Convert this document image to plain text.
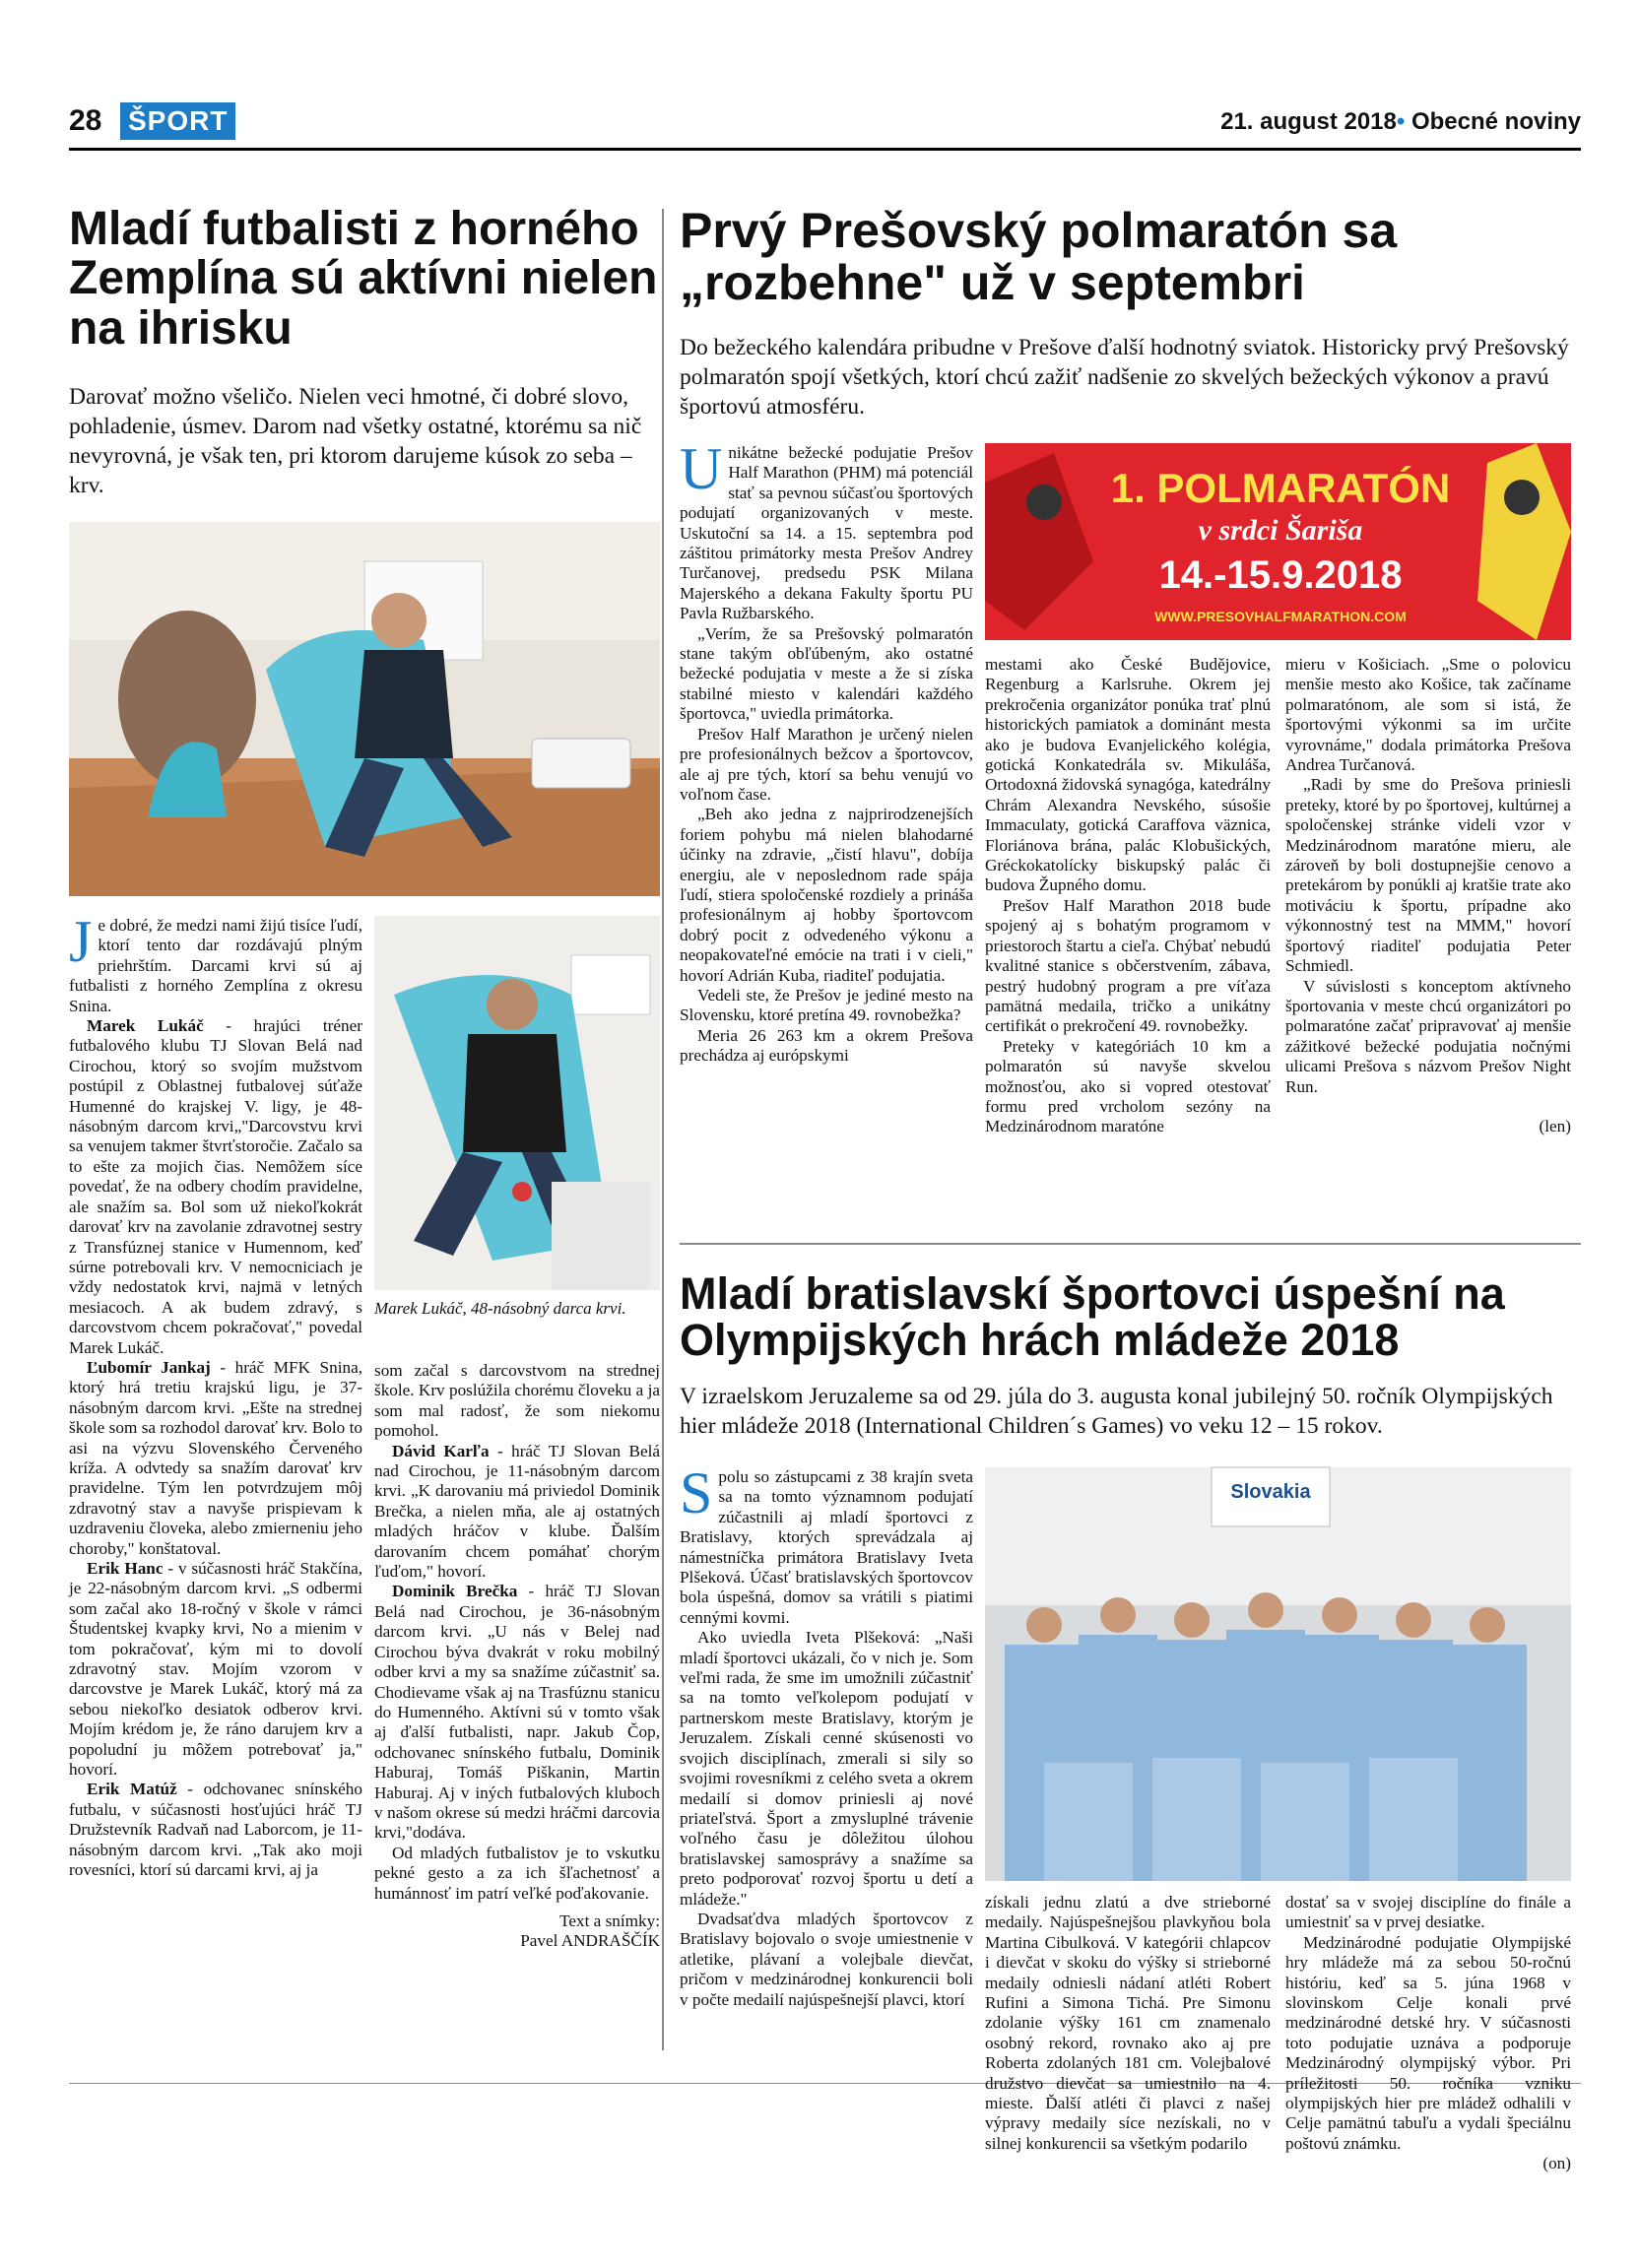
28 ŠPORT	21. august 2018• Obecné noviny
Mladí futbalisti z horného Zemplína sú aktívni nielen na ihrisku

Darovať možno všeličo. Nielen veci hmotné, či dobré slovo, pohladenie, úsmev. Darom nad všetky ostatné, ktorému sa nič nevyrovná, je však ten, pri ktorom darujeme kúsok zo seba – krv.

Marek Lukáč, 48-násobný darca krvi.

Je dobré, že medzi nami žijú tisíce ľudí, ktorí tento dar rozdávajú plným priehrštím. Darcami krvi sú aj futbalisti z horného Zemplína z okresu Snina.

Marek Lukáč - hrajúci tréner futbalového klubu TJ Slovan Belá nad Cirochou, ktorý so svojím mužstvom postúpil z Oblastnej futbalovej súťaže Humenné do krajskej V. ligy, je 48-násobným darcom krvi„"Darcovstvu krvi sa venujem takmer štvrťstoročie. Začalo sa to ešte za mojich čias. Nemôžem síce povedať, že na odbery chodím pravidelne, ale snažím sa. Bol som už niekoľkokrát darovať krv na zavolanie zdravotnej sestry z Transfúznej stanice v Humennom, keď súrne potrebovali krv. V nemocniciach je vždy nedostatok krvi, najmä v letných mesiacoch. A ak budem zdravý, s darcovstvom chcem pokračovať," povedal Marek Lukáč.

Ľubomír Jankaj - hráč MFK Snina, ktorý hrá tretiu krajskú ligu, je 37-násobným darcom krvi. „Ešte na strednej škole som sa rozhodol darovať krv. Bolo to asi na výzvu Slovenského Červeného kríža. A odvtedy sa snažím darovať krv pravidelne. Tým len potvrdzujem môj zdravotný stav a navyše prispievam k uzdraveniu človeka, alebo zmierneniu jeho choroby," konštatoval.

Erik Hanc - v súčasnosti hráč Stakčína, je 22-násobným darcom krvi. „S odbermi som začal ako 18-ročný v škole v rámci Študentskej kvapky krvi, No a mienim v tom pokračovať, kým mi to dovolí zdravotný stav. Mojím vzorom v darcovstve je Marek Lukáč, ktorý má za sebou niekoľko desiatok odberov krvi. Mojím krédom je, že ráno darujem krv a popoludní ju môžem potrebovať ja," hovorí.

Erik Matúž - odchovanec snínského futbalu, v súčasnosti hosťujúci hráč TJ Družstevník Radvaň nad Laborcom, je 11-násobným darcom krvi. „Tak ako moji rovesníci, ktorí sú darcami krvi, aj ja

som začal s darcovstvom na strednej škole. Krv poslúžila chorému človeku a ja som mal radosť, že som niekomu pomohol.

Dávid Karľa - hráč TJ Slovan Belá nad Cirochou, je 11-násobným darcom krvi. „K darovaniu má priviedol Dominik Brečka, a nielen mňa, ale aj ostatných mladých hráčov v klube. Ďalším darovaním chcem pomáhať chorým ľuďom," hovorí.

Dominik Brečka - hráč TJ Slovan Belá nad Cirochou, je 36-násobným darcom krvi. „U nás v Belej nad Cirochou býva dvakrát v roku mobilný odber krvi a my sa snažíme zúčastniť sa. Chodievame však aj na Trasfúznu stanicu do Humenného. Aktívni sú v tomto však aj ďalší futbalisti, napr. Jakub Čop, odchovanec snínského futbalu, Dominik Haburaj, Tomáš Piškanin, Martin Haburaj. Aj v iných futbalových kluboch v našom okrese sú medzi hráčmi darcovia krvi,"dodáva.

Od mladých futbalistov je to vskutku pekné gesto a za ich šľachetnosť a humánnosť im patrí veľké poďakovanie.

Text a snímky:

Pavel ANDRAŠČÍK

Prvý Prešovský polmaratón sa „rozbehne" už v septembri

Do bežeckého kalendára pribudne v Prešove ďalší hodnotný sviatok. Historicky prvý Prešovský polmaratón spojí všetkých, ktorí chcú zažiť nadšenie zo skvelých bežeckých výkonov a pravú športovú atmosféru.

1. POLMARATÓN
v srdci Šariša
14.-15.9.2018
WWW.PRESOVHALFMARATHON.COM

Unikátne bežecké podujatie Prešov Half Marathon (PHM) má potenciál stať sa pevnou súčasťou športových podujatí organizovaných v meste. Uskutoční sa 14. a 15. septembra pod záštitou primátorky mesta Prešov Andrey Turčanovej, predsedu PSK Milana Majerského a dekana Fakulty športu PU Pavla Ružbarského.

„Verím, že sa Prešovský polmaratón stane takým obľúbeným, ako ostatné bežecké podujatia v meste a že si získa stabilné miesto v kalendári každého športovca," uviedla primátorka.

Prešov Half Marathon je určený nielen pre profesionálnych bežcov a športovcov, ale aj pre tých, ktorí sa behu venujú vo voľnom čase.

„Beh ako jedna z najprirodzenejších foriem pohybu má nielen blahodarné účinky na zdravie, „čistí hlavu", dobíja energiu, ale v neposlednom rade spája ľudí, stiera spoločenské rozdiely a prináša profesionálnym aj hobby športovcom dobrý pocit z odvedeného výkonu a neopakovateľné emócie na trati i v cieli," hovorí Adrián Kuba, riaditeľ podujatia.

Vedeli ste, že Prešov je jediné mesto na Slovensku, ktoré pretína 49. rovnobežka?

Meria 26 263 km a okrem Prešova prechádza aj európskymi

mestami ako České Budějovice, Regenburg a Karlsruhe. Okrem jej prekročenia organizátor ponúka trať plnú historických pamiatok a dominánt mesta ako je budova Evanjelického kolégia, gotická Konkatedrála sv. Mikuláša, Ortodoxná židovská synagóga, katedrálny Chrám Alexandra Nevského, súsošie Immaculaty, gotická Caraffova väznica, Floriánova brána, palác Klobušických, Gréckokatolícky biskupský palác či budova Župného domu.

Prešov Half Marathon 2018 bude spojený aj s bohatým programom v priestoroch štartu a cieľa. Chýbať nebudú kvalitné stanice s občerstvením, zábava, pestrý hudobný program a pre víťaza pamätná medaila, tričko a unikátny certifikát o prekročení 49. rovnobežky.

Preteky v kategóriách 10 km a polmaratón sú navyše skvelou možnosťou, ako si vopred otestovať formu pred vrcholom sezóny na Medzinárodnom maratóne

mieru v Košiciach. „Sme o polovicu menšie mesto ako Košice, tak začíname polmaratónom, ale som si istá, že športovými výkonmi sa im určite vyrovnáme," dodala primátorka Prešova Andrea Turčanová.

„Radi by sme do Prešova priniesli preteky, ktoré by po športovej, kultúrnej a spoločenskej stránke videli vzor v Medzinárodnom maratóne mieru, ale zároveň by boli dostupnejšie cenovo a pretekárom by ponúkli aj kratšie trate ako motiváciu k športu, prípadne ako výkonnostný test na MMM," hovorí športový riaditeľ podujatia Peter Schmiedl.

V súvislosti s konceptom aktívneho športovania v meste chcú organizátori po polmaratóne začať pripravovať aj menšie zážitkové bežecké podujatia nočnými ulicami Prešova s názvom Prešov Night Run.

(len)

Mladí bratislavskí športovci úspešní na Olympijských hrách mládeže 2018

V izraelskom Jeruzaleme sa od 29. júla do 3. augusta konal jubilejný 50. ročník Olympijských hier mládeže 2018 (International Children´s Games) vo veku 12 – 15 rokov.

Slovakia

Spolu so zástupcami z 38 krajín sveta sa na tomto významnom podujatí zúčastnili aj mladí športovci z Bratislavy, ktorých sprevádzala aj námestníčka primátora Bratislavy Iveta Plšeková. Účasť bratislavských športovcov bola úspešná, domov sa vrátili s piatimi cennými kovmi.

Ako uviedla Iveta Plšeková: „Naši mladí športovci ukázali, čo v nich je. Som veľmi rada, že sme im umožnili zúčastniť sa na tomto veľkolepom podujatí v partnerskom meste Bratislavy, ktorým je Jeruzalem. Získali cenné skúsenosti vo svojich disciplínach, zmerali si sily so svojimi rovesníkmi z celého sveta a okrem medailí si domov priniesli aj nové priateľstvá. Šport a zmysluplné trávenie voľného času je dôležitou úlohou bratislavskej samosprávy a snažíme sa preto podporovať rozvoj športu u detí a mládeže."

Dvadsaťdva mladých športovcov z Bratislavy bojovalo o svoje umiestnenie v atletike, plávaní a volejbale dievčat, pričom v medzinárodnej konkurencii boli v počte medailí najúspešnejší plavci, ktorí

získali jednu zlatú a dve strieborné medaily. Najúspešnejšou plavkyňou bola Martina Cibulková. V kategórii chlapcov i dievčat v skoku do výšky si strieborné medaily odniesli nádaní atléti Robert Rufini a Simona Tichá. Pre Simonu zdolanie výšky 161 cm znamenalo osobný rekord, rovnako ako aj pre Roberta zdolaných 181 cm. Volejbalové družstvo dievčat sa umiestnilo na 4. mieste. Ďalší atléti či plavci z našej výpravy medaily síce nezískali, no v silnej konkurencii sa všetkým podarilo

dostať sa v svojej disciplíne do finále a umiestniť sa v prvej desiatke.

Medzinárodné podujatie Olympijské hry mládeže má za sebou 50-ročnú históriu, keď sa 5. júna 1968 v slovinskom Celje konali prvé medzinárodné detské hry. V súčasnosti toto podujatie uznáva a podporuje Medzinárodný olympijský výbor. Pri príležitosti 50. ročníka vzniku olympijských hier pre mládež odhalili v Celje pamätnú tabuľu a vydali špeciálnu poštovú známku.

(on)
